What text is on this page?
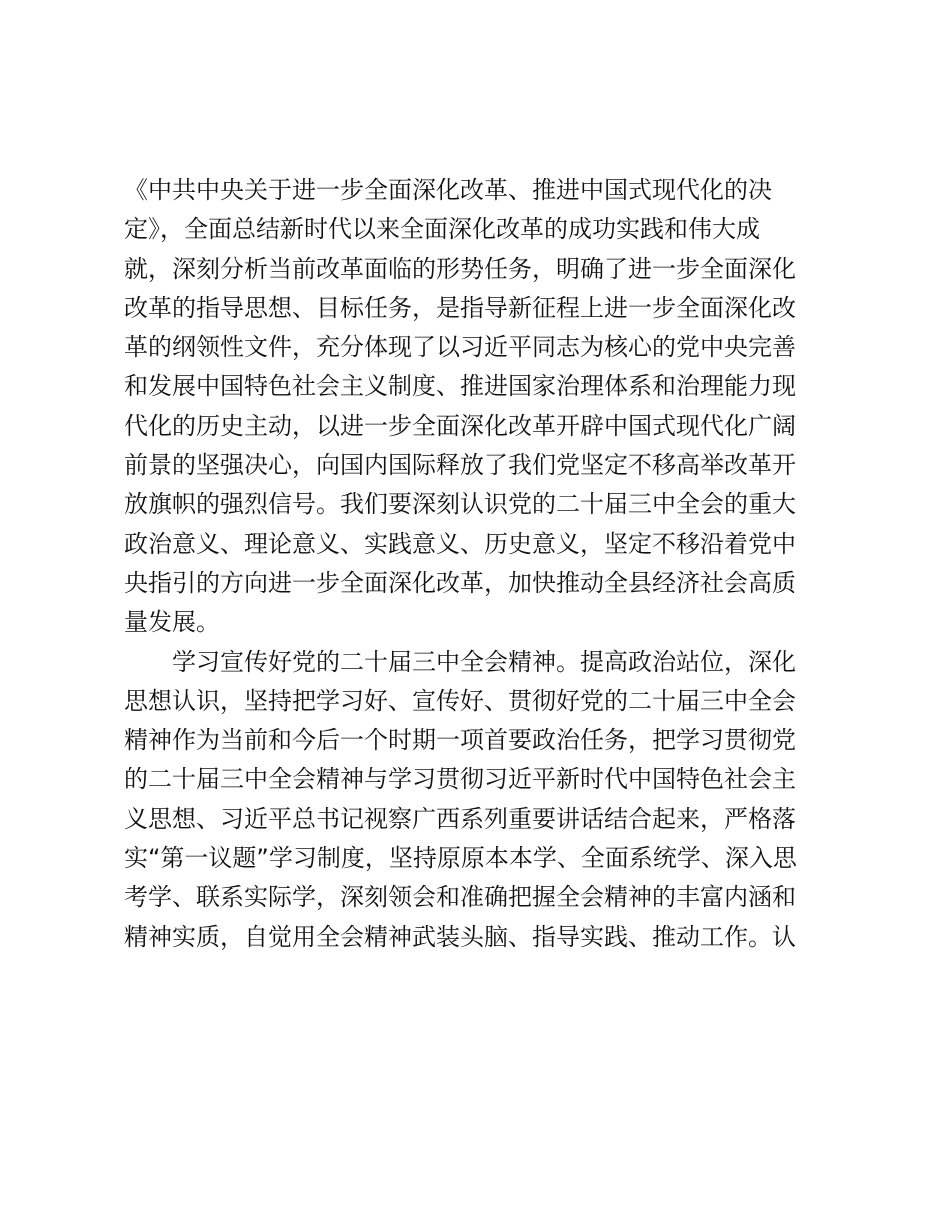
《中共中央关于进一步全面深化改革、推进中国式现代化的决
定》，全面总结新时代以来全面深化改革的成功实践和伟大成
就，深刻分析当前改革面临的形势任务，明确了进一步全面深化
改革的指导思想、目标任务，是指导新征程上进一步全面深化改
革的纲领性文件，充分体现了以习近平同志为核心的党中央完善
和发展中国特色社会主义制度、推进国家治理体系和治理能力现
代化的历史主动，以进一步全面深化改革开辟中国式现代化广阔
前景的坚强决心，向国内国际释放了我们党坚定不移高举改革开
放旗帜的强烈信号。我们要深刻认识党的二十届三中全会的重大
政治意义、理论意义、实践意义、历史意义，坚定不移沿着党中
央指引的方向进一步全面深化改革，加快推动全县经济社会高质
量发展。
学习宣传好党的二十届三中全会精神。提高政治站位，深化
思想认识，坚持把学习好、宣传好、贯彻好党的二十届三中全会
精神作为当前和今后一个时期一项首要政治任务，把学习贯彻党
的二十届三中全会精神与学习贯彻习近平新时代中国特色社会主
义思想、习近平总书记视察广西系列重要讲话结合起来，严格落
实“第一议题”学习制度，坚持原原本本学、全面系统学、深入思
考学、联系实际学，深刻领会和准确把握全会精神的丰富内涵和
精神实质，自觉用全会精神武装头脑、指导实践、推动工作。认
